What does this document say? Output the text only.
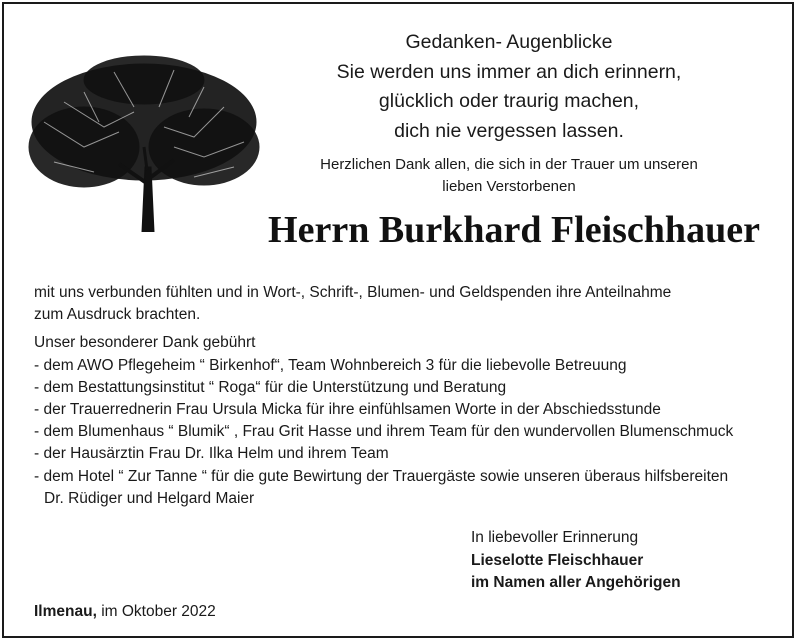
Gedanken- Augenblicke
Sie werden uns immer an dich erinnern,
glücklich oder traurig machen,
dich nie vergessen lassen.
Herzlichen Dank allen, die sich in der Trauer um unseren
lieben Verstorbenen
Herrn Burkhard Fleischhauer

mit uns verbunden fühlten und in Wort-, Schrift-, Blumen- und Geldspenden ihre Anteilnahme

zum Ausdruck brachten.

Unser besonderer Dank gebührt

- dem AWO Pflegeheim “ Birkenhof“, Team Wohnbereich 3 für die liebevolle Betreuung

- dem Bestattungsinstitut “ Roga“ für die Unterstützung und Beratung

- der Trauerrednerin Frau Ursula Micka für ihre einfühlsamen Worte in der Abschiedsstunde

- dem Blumenhaus “ Blumik“ , Frau Grit Hasse und ihrem Team für den wundervollen Blumenschmuck

- der Hausärztin Frau Dr. Ilka Helm und ihrem Team

- dem Hotel “ Zur Tanne “ für die gute Bewirtung der Trauergäste sowie unseren überaus hilfsbereiten

Dr. Rüdiger und Helgard Maier

In liebevoller Erinnerung
Lieselotte Fleischhauer
im Namen aller Angehörigen
Ilmenau, im Oktober 2022
